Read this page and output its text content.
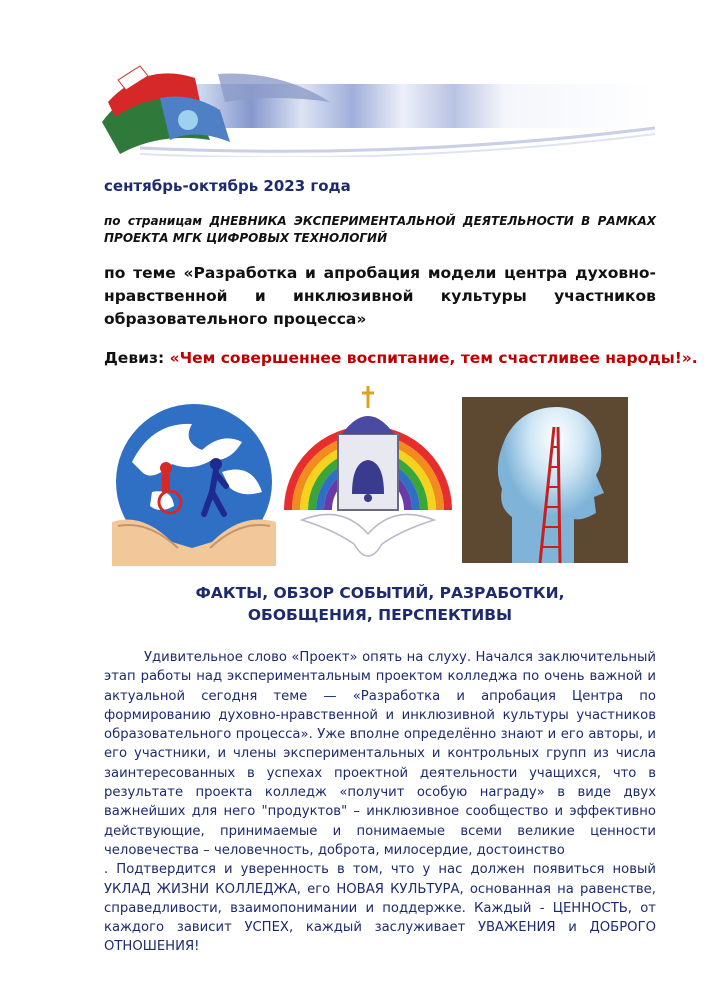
сентябрь-октябрь 2023 года
по страницам ДНЕВНИКА ЭКСПЕРИМЕНТАЛЬНОЙ ДЕЯТЕЛЬНОСТИ В РАМКАХ ПРОЕКТА МГК ЦИФРОВЫХ ТЕХНОЛОГИЙ
по теме «Разработка и апробация модели центра духовно-нравственной и инклюзивной культуры участников
образовательного процесса»
Девиз: «Чем совершеннее воспитание, тем счастливее народы!».
ФАКТЫ, ОБЗОР СОБЫТИЙ, РАЗРАБОТКИ, ОБОБЩЕНИЯ, ПЕРСПЕКТИВЫ

Удивительное слово «Проект» опять на слуху. Начался заключительный этап работы над экспериментальным проектом колледжа по очень важной и актуальной сегодня теме — «Разработка и апробация Центра по формированию духовно-нравственной и инклюзивной культуры участников образовательного процесса». Уже вполне определённо знают и его авторы, и его участники, и члены экспериментальных и контрольных групп из числа заинтересованных в успехах проектной деятельности учащихся, что в результате проекта колледж «получит особую награду» в виде двух важнейших для него "продуктов" – инклюзивное сообщество и эффективно действующие, принимаемые и понимаемые всеми великие ценности человечества – человечность, доброта, милосердие, достоинство

. Подтвердится и уверенность в том, что у нас должен появиться новый УКЛАД ЖИЗНИ КОЛЛЕДЖА, его НОВАЯ КУЛЬТУРА, основанная на равенстве, справедливости, взаимопонимании и поддержке. Каждый - ЦЕННОСТЬ, от каждого зависит УСПЕХ, каждый заслуживает УВАЖЕНИЯ и ДОБРОГО ОТНОШЕНИЯ!
